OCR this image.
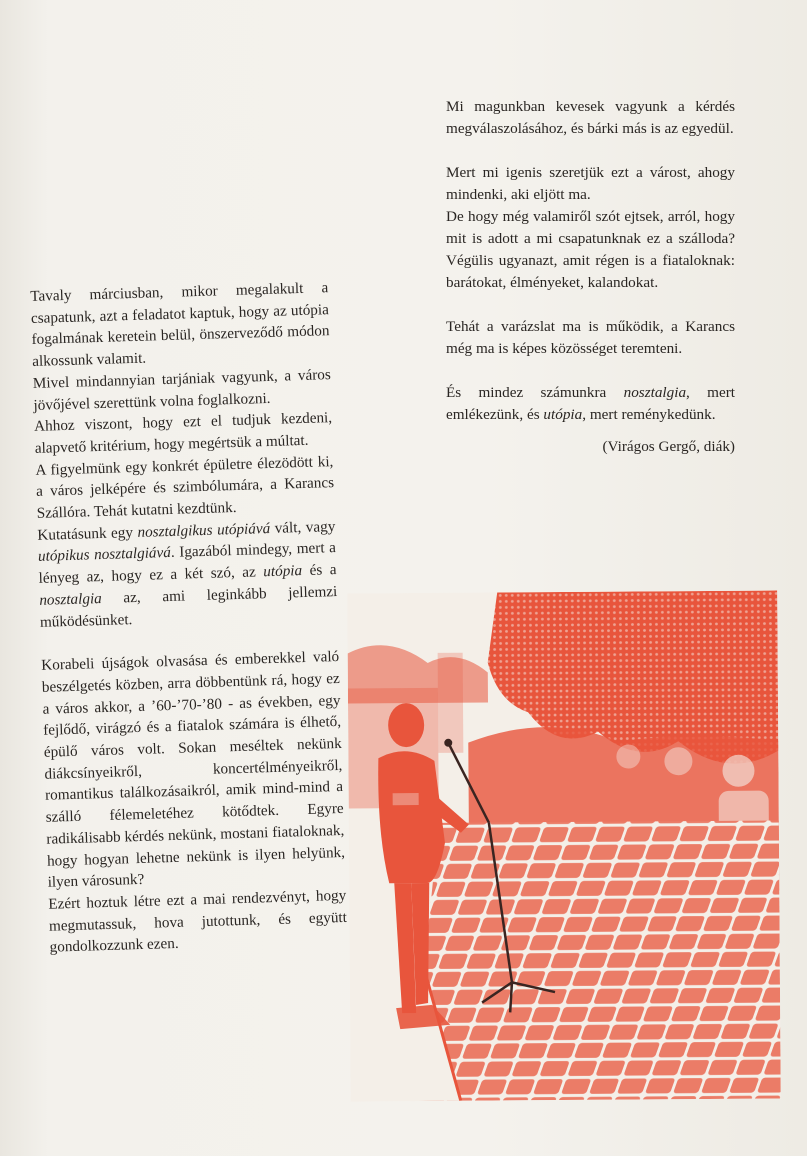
Tavaly márciusban, mikor megalakult a csapatunk, azt a feladatot kaptuk, hogy az utópia fogalmának keretein belül, önszerveződő módon alkossunk valamit.

Mivel mindannyian tarjániak vagyunk, a város jövőjével szerettünk volna foglalkozni.

Ahhoz viszont, hogy ezt el tudjuk kezdeni, alapvető kritérium, hogy megértsük a múltat.

A figyelmünk egy konkrét épületre élezödött ki, a város jelképére és szimbólumára, a Karancs Szállóra. Tehát kutatni kezdtünk.

Kutatásunk egy nosztalgikus utópiává vált, vagy utópikus nosztalgiává. Igazából mindegy, mert a lényeg az, hogy ez a két szó, az utópia és a nosztalgia az, ami leginkább jellemzi működésünket.

Korabeli újságok olvasása és emberekkel való beszélgetés közben, arra döbbentünk rá, hogy ez a város akkor, a ’60-’70-’80 - as években, egy fejlődő, virágzó és a fiatalok számára is élhető, épülő város volt. Sokan meséltek nekünk diákcsínyeikről, koncertélményeikről, romantikus találkozásaikról, amik mind-mind a szálló félemeletéhez kötődtek. Egyre radikálisabb kérdés nekünk, mostani fiataloknak, hogy hogyan lehetne nekünk is ilyen helyünk, ilyen városunk?

Ezért hoztuk létre ezt a mai rendezvényt, hogy megmutassuk, hova jutottunk, és együtt gondolkozzunk ezen.

Mi magunkban kevesek vagyunk a kérdés megválaszolásához, és bárki más is az egyedül.

Mert mi igenis szeretjük ezt a várost, ahogy mindenki, aki eljött ma.

De hogy még valamiről szót ejtsek, arról, hogy mit is adott a mi csapatunknak ez a szálloda? Végülis ugyanazt, amit régen is a fiataloknak: barátokat, élményeket, kalandokat.

Tehát a varázslat ma is működik, a Karancs még ma is képes közösséget teremteni.

És mindez számunkra nosztalgia, mert emlékezünk, és utópia, mert reménykedünk.

(Virágos Gergő, diák)
